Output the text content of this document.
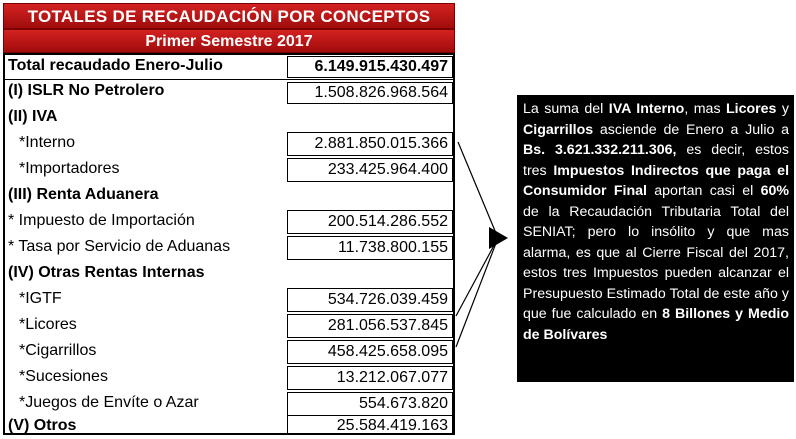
TOTALES DE RECAUDACIÓN POR CONCEPTOS
Primer Semestre 2017
Total recaudado Enero-Julio	6.149.915.430.497
(I) ISLR No Petrolero	1.508.826.968.564
(II) IVA
*Interno	2.881.850.015.366
*Importadores	233.425.964.400
(III) Renta Aduanera
* Impuesto de Importación	200.514.286.552
* Tasa por Servicio de Aduanas	11.738.800.155
(IV) Otras Rentas Internas
*IGTF	534.726.039.459
*Licores	281.056.537.845
*Cigarrillos	458.425.658.095
*Sucesiones	13.212.067.077
*Juegos de Envíte o Azar	554.673.820
(V) Otros	25.584.419.163
La suma del IVA Interno, mas Licores y Cigarrillos asciende de Enero a Julio a Bs. 3.621.332.211.306, es decir, estos tres Impuestos Indirectos que paga el Consumidor Final aportan casi el 60% de la Recaudación Tributaria Total del SENIAT; pero lo insólito y que mas alarma, es que al Cierre Fiscal del 2017, estos tres Impuestos pueden alcanzar el Presupuesto Estimado Total de este año y que fue calculado en 8 Billones y Medio de Bolívares
